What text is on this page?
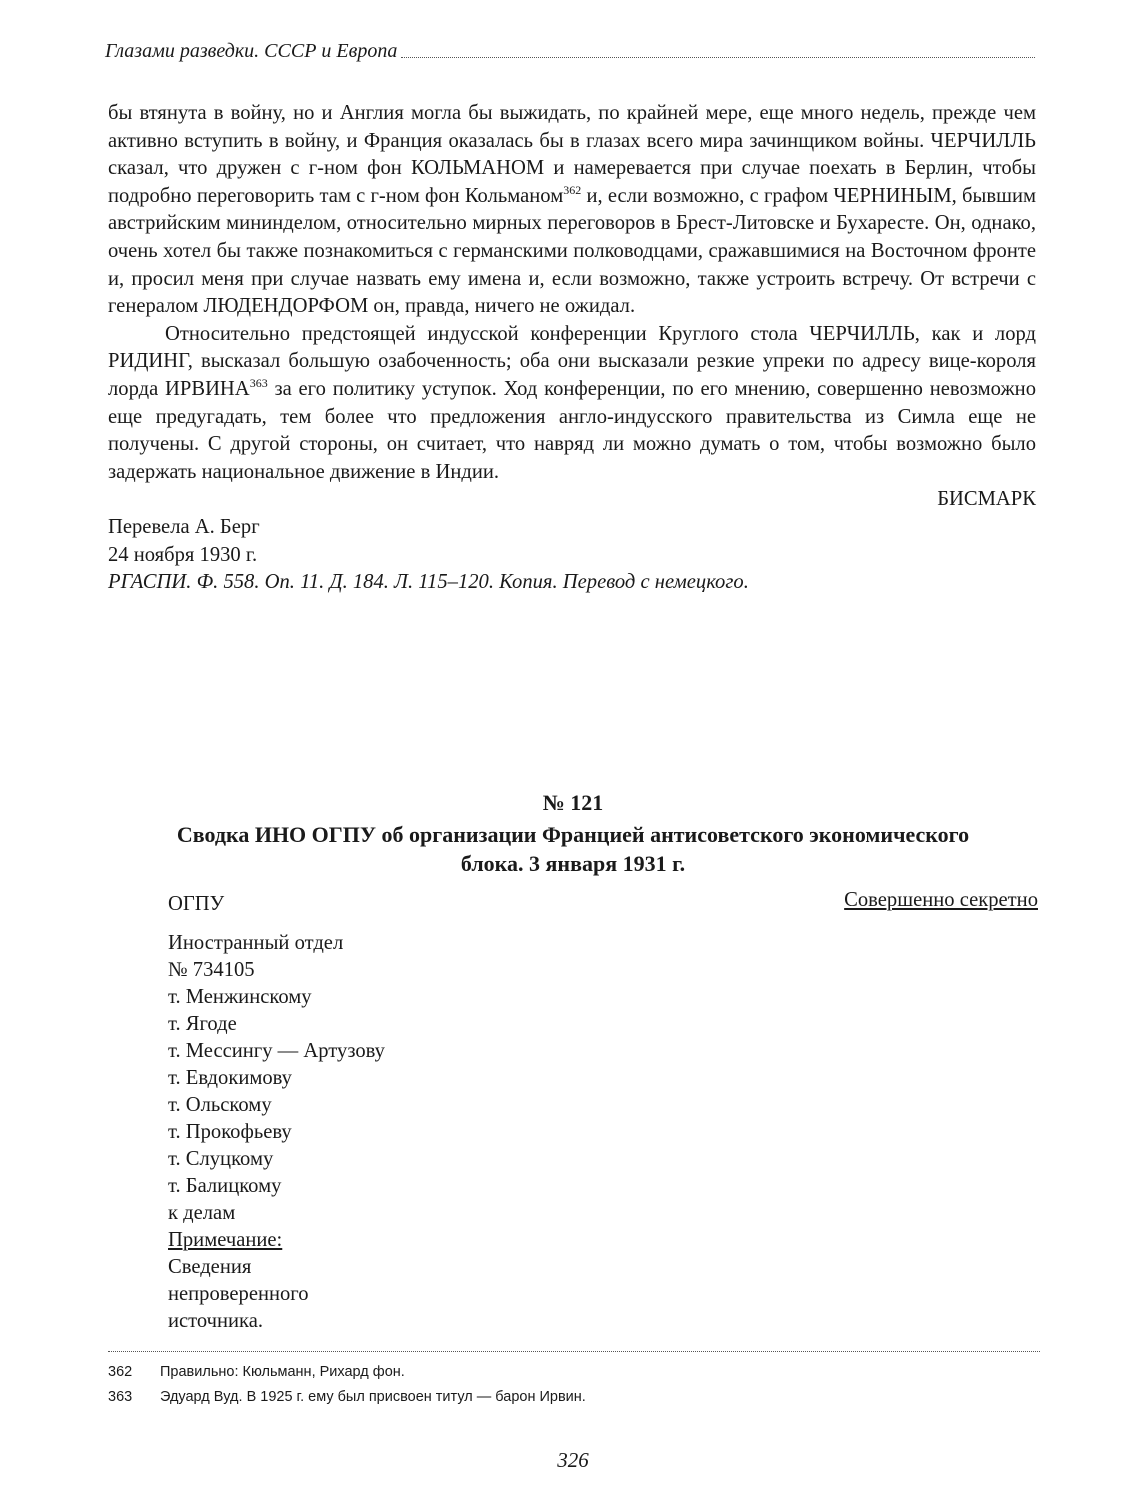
Глазами разведки. СССР и Европа

бы втянута в войну, но и Англия могла бы выжидать, по крайней мере, еще много недель, прежде чем активно вступить в войну, и Франция оказалась бы в глазах всего мира зачинщиком войны. ЧЕРЧИЛЛЬ сказал, что дружен с г-ном фон КОЛЬМАНОМ и намеревается при случае поехать в Берлин, чтобы подробно переговорить там с г-ном фон Кольманом$^{362}$ и, если возможно, с графом ЧЕРНИНЫМ, бывшим австрийским мининделом, относительно мирных переговоров в Брест-Литовске и Бухаресте. Он, однако, очень хотел бы также познакомиться с германскими полководцами, сражавшимися на Восточном фронте и, просил меня при случае назвать ему имена и, если возможно, также устроить встречу. От встречи с генералом ЛЮДЕНДОРФОМ он, правда, ничего не ожидал.

Относительно предстоящей индусской конференции Круглого стола ЧЕРЧИЛЛЬ, как и лорд РИДИНГ, высказал большую озабоченность; оба они высказали резкие упреки по адресу вице-короля лорда ИРВИНА$^{363}$ за его политику уступок. Ход конференции, по его мнению, совершенно невозможно еще предугадать, тем более что предложения англо-индусского правительства из Симла еще не получены. С другой стороны, он считает, что навряд ли можно думать о том, чтобы возможно было задержать национальное движение в Индии.

БИСМАРК

Перевела А. Берг

24 ноября 1930 г.

РГАСПИ. Ф. 558. Оп. 11. Д. 184. Л. 115–120. Копия. Перевод с немецкого.

№ 121
Сводка ИНО ОГПУ об организации Францией антисоветского экономического блока. 3 января 1931 г.
ОГПУ	Совершенно секретно
Иностранный отдел
№ 734105
т. Менжинскому
т. Ягоде
т. Мессингу — Артузову
т. Евдокимову
т. Ольскому
т. Прокофьеву
т. Слуцкому
т. Балицкому
к делам
Примечание:
Сведения
непроверенного
источника.
362	Правильно: Кюльманн, Рихард фон.
363	Эдуард Вуд. В 1925 г. ему был присвоен титул — барон Ирвин.
326
